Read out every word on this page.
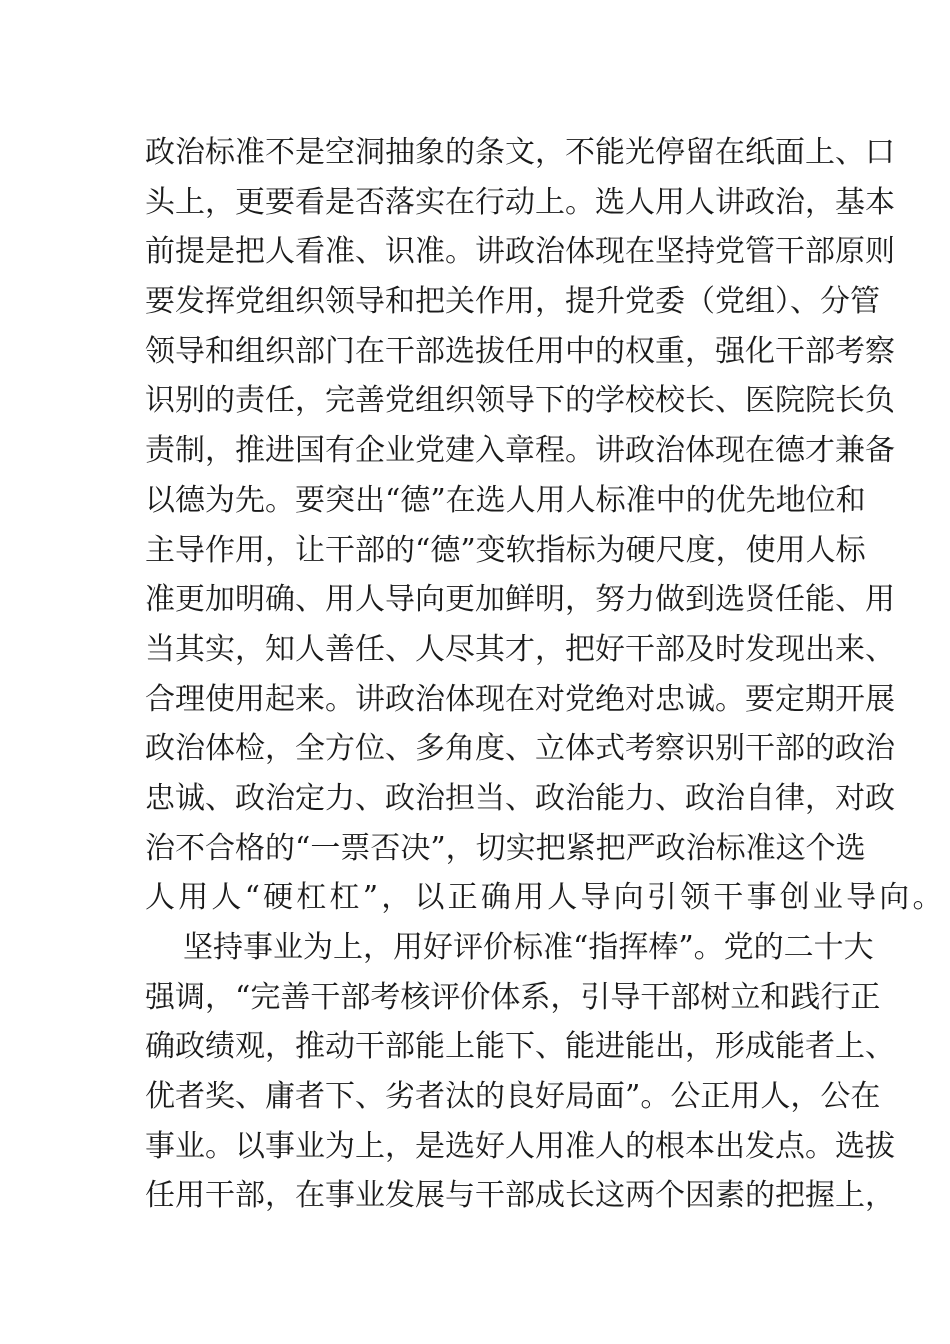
政治标准不是空洞抽象的条文，不能光停留在纸面上、口
头上，更要看是否落实在行动上。选人用人讲政治，基本
前提是把人看准、识准。讲政治体现在坚持党管干部原则
要发挥党组织领导和把关作用，提升党委（党组）、分管
领导和组织部门在干部选拔任用中的权重，强化干部考察
识别的责任，完善党组织领导下的学校校长、医院院长负
责制，推进国有企业党建入章程。讲政治体现在德才兼备
以德为先。要突出“德”在选人用人标准中的优先地位和
主导作用，让干部的“德”变软指标为硬尺度，使用人标
准更加明确、用人导向更加鲜明，努力做到选贤任能、用
当其实，知人善任、人尽其才，把好干部及时发现出来、
合理使用起来。讲政治体现在对党绝对忠诚。要定期开展
政治体检，全方位、多角度、立体式考察识别干部的政治
忠诚、政治定力、政治担当、政治能力、政治自律，对政
治不合格的“一票否决”，切实把紧把严政治标准这个选
人用人“硬杠杠”，以正确用人导向引领干事创业导向。
坚持事业为上，用好评价标准“指挥棒”。党的二十大
强调，“完善干部考核评价体系，引导干部树立和践行正
确政绩观，推动干部能上能下、能进能出，形成能者上、
优者奖、庸者下、劣者汰的良好局面”。公正用人，公在
事业。以事业为上，是选好人用准人的根本出发点。选拔
任用干部，在事业发展与干部成长这两个因素的把握上，
